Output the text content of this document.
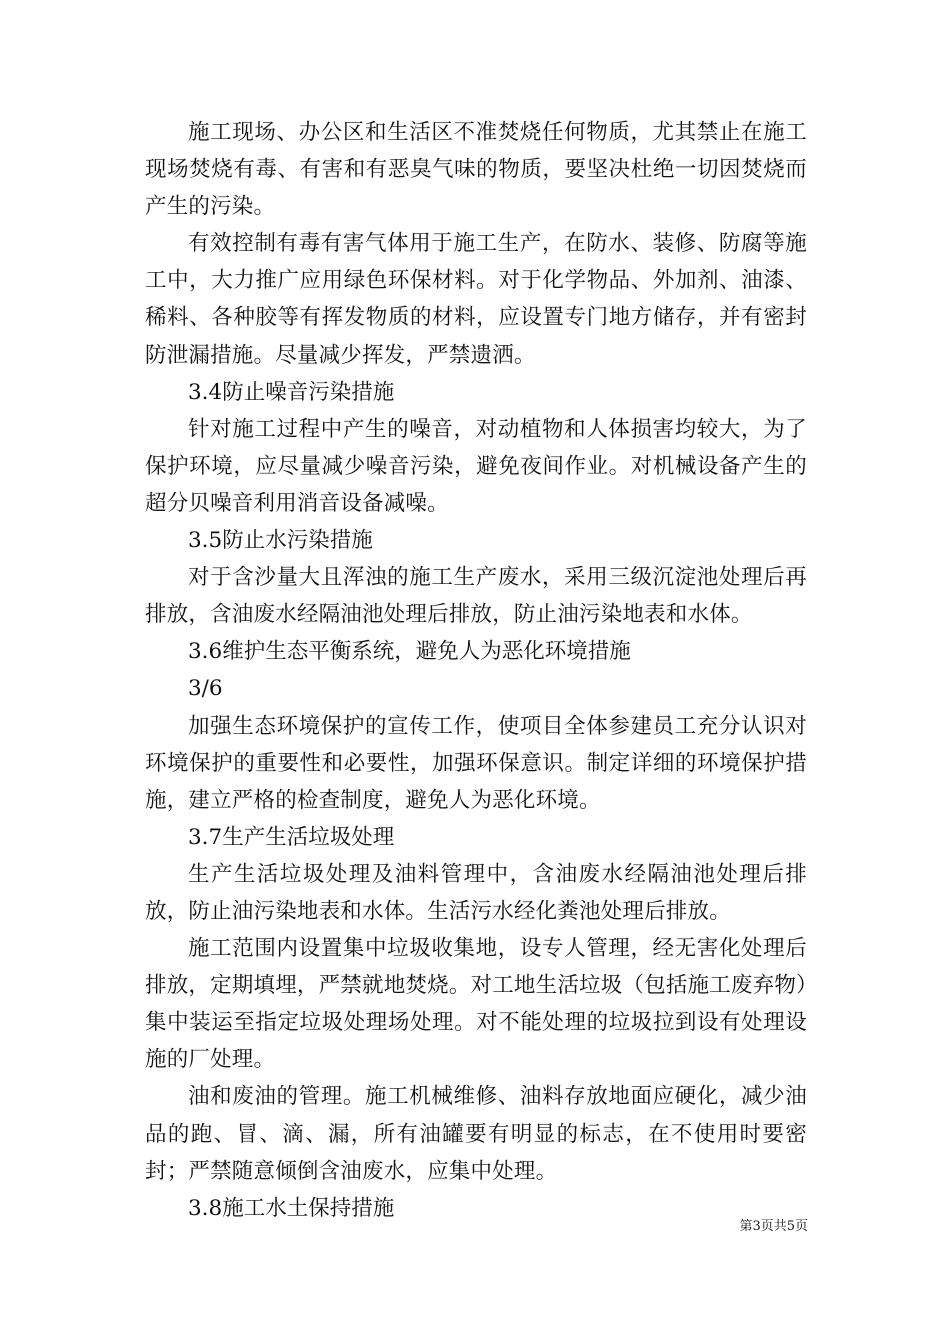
施工现场、办公区和生活区不准焚烧任何物质，尤其禁止在施工现场焚烧有毒、有害和有恶臭气味的物质，要坚决杜绝一切因焚烧而产生的污染。

有效控制有毒有害气体用于施工生产，在防水、装修、防腐等施工中，大力推广应用绿色环保材料。对于化学物品、外加剂、油漆、稀料、各种胶等有挥发物质的材料，应设置专门地方储存，并有密封防泄漏措施。尽量减少挥发，严禁遗洒。

3.4防止噪音污染措施

针对施工过程中产生的噪音，对动植物和人体损害均较大，为了保护环境，应尽量减少噪音污染，避免夜间作业。对机械设备产生的超分贝噪音利用消音设备减噪。

3.5防止水污染措施

对于含沙量大且浑浊的施工生产废水，采用三级沉淀池处理后再排放，含油废水经隔油池处理后排放，防止油污染地表和水体。

3.6维护生态平衡系统，避免人为恶化环境措施

3/6

加强生态环境保护的宣传工作，使项目全体参建员工充分认识对环境保护的重要性和必要性，加强环保意识。制定详细的环境保护措施，建立严格的检查制度，避免人为恶化环境。

3.7生产生活垃圾处理

生产生活垃圾处理及油料管理中，含油废水经隔油池处理后排放，防止油污染地表和水体。生活污水经化粪池处理后排放。

施工范围内设置集中垃圾收集地，设专人管理，经无害化处理后排放，定期填埋，严禁就地焚烧。对工地生活垃圾（包括施工废弃物）集中装运至指定垃圾处理场处理。对不能处理的垃圾拉到设有处理设施的厂处理。

油和废油的管理。施工机械维修、油料存放地面应硬化，减少油品的跑、冒、滴、漏，所有油罐要有明显的标志，在不使用时要密封；严禁随意倾倒含油废水，应集中处理。

3.8施工水土保持措施

第3页共5页
